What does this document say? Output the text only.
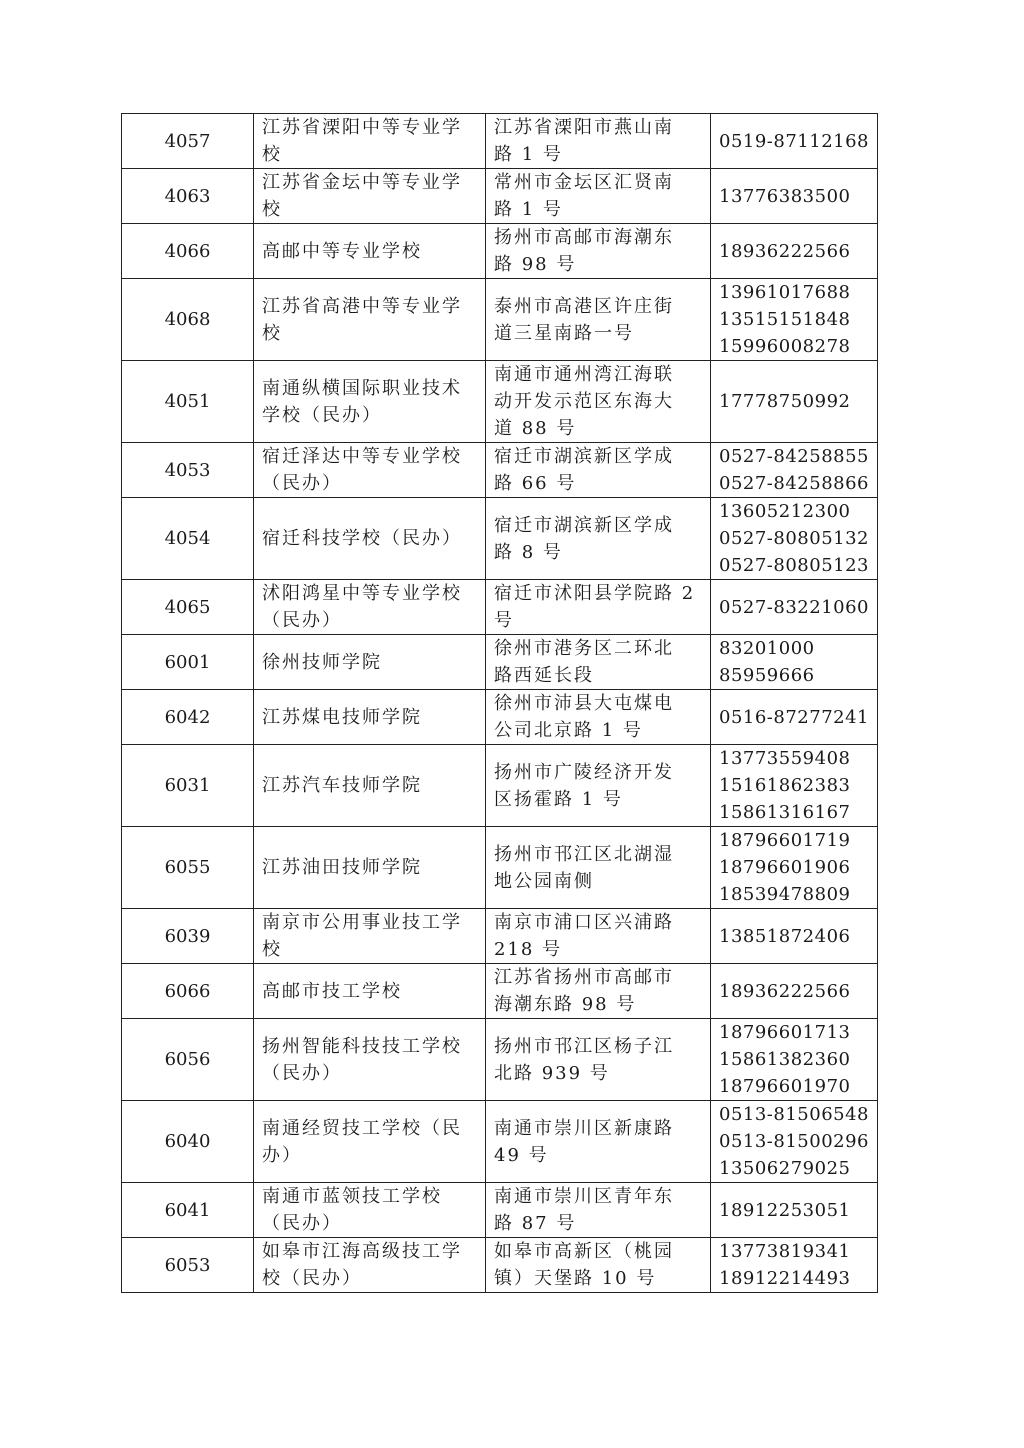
4057	江苏省溧阳中等专业学
校	江苏省溧阳市燕山南
路 1 号	0519-87112168

4063	江苏省金坛中等专业学
校	常州市金坛区汇贤南
路 1 号	13776383500

4066	高邮中等专业学校	扬州市高邮市海潮东
路 98 号	18936222566

4068	江苏省高港中等专业学
校	泰州市高港区许庄街
道三星南路一号	13961017688
13515151848
15996008278

4051	南通纵横国际职业技术
学校（民办）	南通市通州湾江海联
动开发示范区东海大
道 88 号	17778750992

4053	宿迁泽达中等专业学校
（民办）	宿迁市湖滨新区学成
路 66 号	0527-84258855
0527-84258866

4054	宿迁科技学校（民办）	宿迁市湖滨新区学成
路 8 号	13605212300
0527-80805132
0527-80805123

4065	沭阳鸿星中等专业学校
（民办）	宿迁市沭阳县学院路 2
号	0527-83221060

6001	徐州技师学院	徐州市港务区二环北
路西延长段	83201000
85959666

6042	江苏煤电技师学院	徐州市沛县大屯煤电
公司北京路 1 号	0516-87277241

6031	江苏汽车技师学院	扬州市广陵经济开发
区扬霍路 1 号	13773559408
15161862383
15861316167

6055	江苏油田技师学院	扬州市邗江区北湖湿
地公园南侧	18796601719
18796601906
18539478809

6039	南京市公用事业技工学
校	南京市浦口区兴浦路
218 号	13851872406

6066	高邮市技工学校	江苏省扬州市高邮市
海潮东路 98 号	18936222566

6056	扬州智能科技技工学校
（民办）	扬州市邗江区杨子江
北路 939 号	18796601713
15861382360
18796601970

6040	南通经贸技工学校（民
办）	南通市崇川区新康路
49 号	0513-81506548
0513-81500296
13506279025

6041	南通市蓝领技工学校
（民办）	南通市崇川区青年东
路 87 号	18912253051

6053	如皋市江海高级技工学
校（民办）	如皋市高新区（桃园
镇）天堡路 10 号	13773819341
18912214493
